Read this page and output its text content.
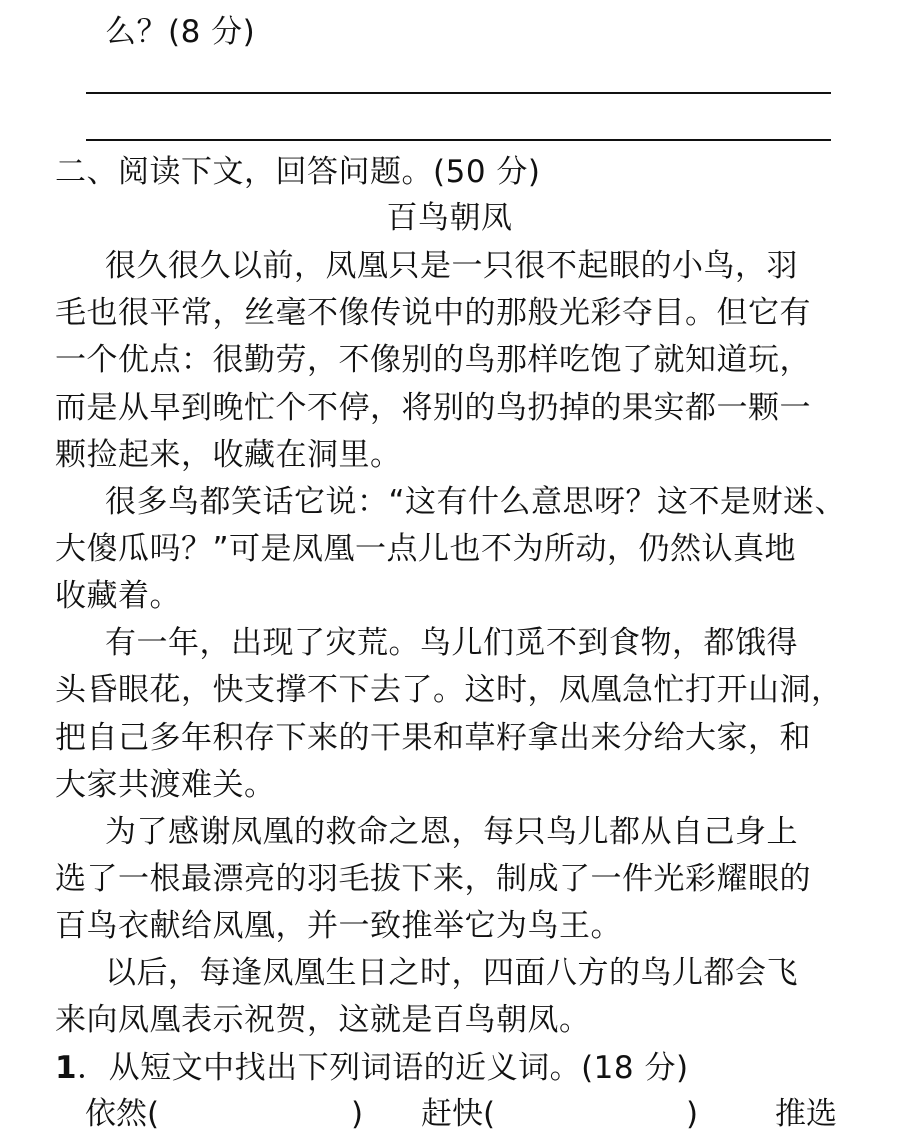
么？(8 分)
二、阅读下文，回答问题。(50 分)
百鸟朝凤
很久很久以前，凤凰只是一只很不起眼的小鸟，羽
毛也很平常，丝毫不像传说中的那般光彩夺目。但它有
一个优点：很勤劳，不像别的鸟那样吃饱了就知道玩，
而是从早到晚忙个不停，将别的鸟扔掉的果实都一颗一
颗捡起来，收藏在洞里。
很多鸟都笑话它说：“这有什么意思呀？这不是财迷、
大傻瓜吗？”可是凤凰一点儿也不为所动，仍然认真地
收藏着。
有一年，出现了灾荒。鸟儿们觅不到食物，都饿得
头昏眼花，快支撑不下去了。这时，凤凰急忙打开山洞，
把自己多年积存下来的干果和草籽拿出来分给大家，和
大家共渡难关。
为了感谢凤凰的救命之恩，每只鸟儿都从自己身上
选了一根最漂亮的羽毛拔下来，制成了一件光彩耀眼的
百鸟衣献给凤凰，并一致推举它为鸟王。
以后，每逢凤凰生日之时，四面八方的鸟儿都会飞
来向凤凰表示祝贺，这就是百鸟朝凤。
1．从短文中找出下列词语的近义词。(18 分)
依然(	) 赶快(	) 推选
